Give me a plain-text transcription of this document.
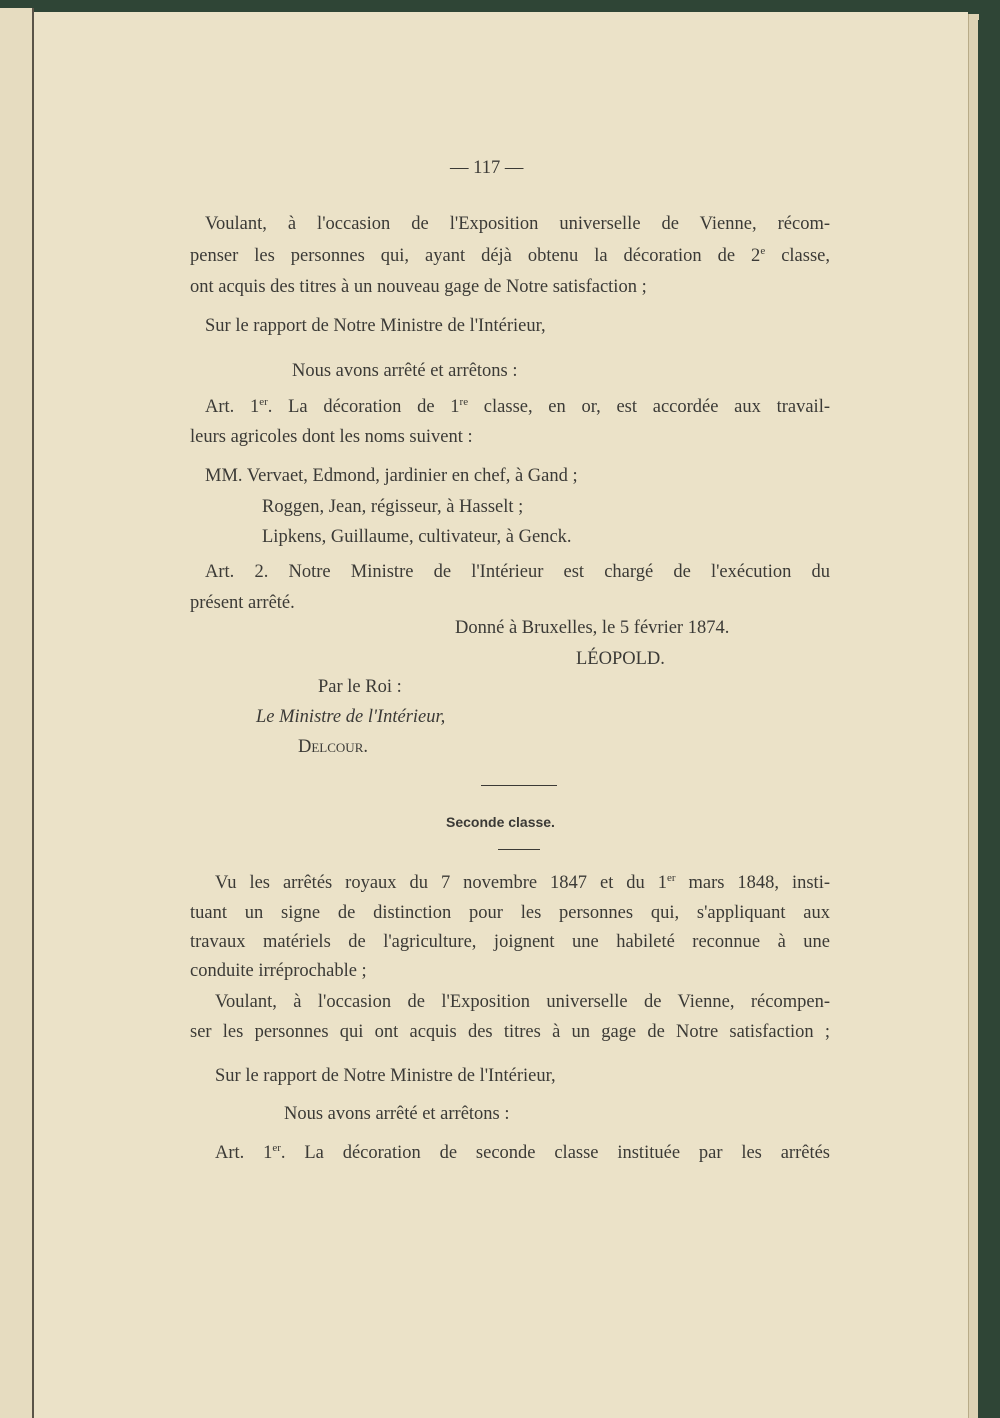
— 117 —
Voulant, à l'occasion de l'Exposition universelle de Vienne, récom-
penser les personnes qui, ayant déjà obtenu la décoration de 2e classe,
ont acquis des titres à un nouveau gage de Notre satisfaction ;
Sur le rapport de Notre Ministre de l'Intérieur,
Nous avons arrêté et arrêtons :
Art. 1er. La décoration de 1re classe, en or, est accordée aux travail-
leurs agricoles dont les noms suivent :
MM. Vervaet, Edmond, jardinier en chef, à Gand ;
Roggen, Jean, régisseur, à Hasselt ;
Lipkens, Guillaume, cultivateur, à Genck.
Art. 2. Notre Ministre de l'Intérieur est chargé de l'exécution du
présent arrêté.
Donné à Bruxelles, le 5 février 1874.
LÉOPOLD.
Par le Roi :
Le Ministre de l'Intérieur,
Delcour.
Seconde classe.
Vu les arrêtés royaux du 7 novembre 1847 et du 1er mars 1848, insti-
tuant un signe de distinction pour les personnes qui, s'appliquant aux
travaux matériels de l'agriculture, joignent une habileté reconnue à une
conduite irréprochable ;
Voulant, à l'occasion de l'Exposition universelle de Vienne, récompen-
ser les personnes qui ont acquis des titres à un gage de Notre satisfaction ;
Sur le rapport de Notre Ministre de l'Intérieur,
Nous avons arrêté et arrêtons :
Art. 1er. La décoration de seconde classe instituée par les arrêtés
